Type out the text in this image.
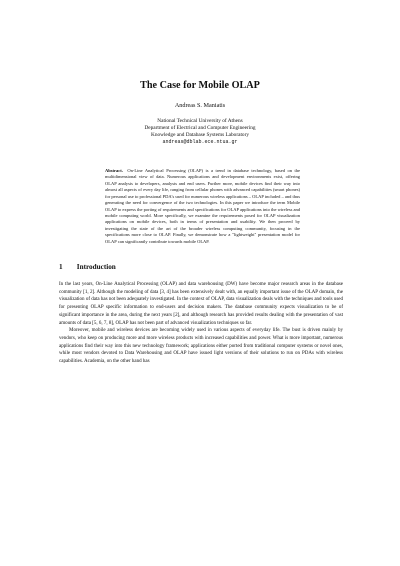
The Case for Mobile OLAP
Andreas S. Maniatis
National Technical University of Athens
Department of Electrical and Computer Engineering
Knowledge and Database Systems Laboratory
andreas@dblab.ece.ntua.gr
Abstract. On-Line Analytical Processing (OLAP) is a trend in database technology, based on the multidimensional view of data. Numerous applications and development environments exist, offering OLAP analysis to developers, analysts and end users. Further more, mobile devices find their way into almost all aspects of every day life, ranging from cellular phones with advanced capabilities (smart phones) for personal use to professional PDA's used for numerous wireless applications – OLAP included – and thus generating the need for convergence of the two technologies. In this paper we introduce the term Mobile OLAP to express the porting of requirements and specifications for OLAP applications into the wireless and mobile computing world. More specifically, we examine the requirements posed for OLAP visualization applications on mobile devices, both in terms of presentation and usability. We then proceed by investigating the state of the art of the broader wireless computing community, focusing in the specifications more close to OLAP. Finally, we demonstrate how a "lightweight" presentation model for OLAP can significantly contribute towards mobile OLAP.
1 Introduction

In the last years, On-Line Analytical Processing (OLAP) and data warehousing (DW) have become major research areas in the database community [1, 2]. Although the modeling of data [3, 4] has been extensively dealt with, an equally important issue of the OLAP domain, the visualization of data has not been adequately investigated. In the context of OLAP, data visualization deals with the techniques and tools used for presenting OLAP specific information to end-users and decision makers. The database community expects visualization to be of significant importance in the area, during the next years [2], and although research has provided results dealing with the presentation of vast amounts of data [5, 6, 7, 8], OLAP has not been part of advanced visualization techniques so far.

Moreover, mobile and wireless devices are becoming widely used in various aspects of everyday life. The bust is driven mainly by vendors, who keep on producing more and more wireless products with increased capabilities and power. What is more important, numerous applications find their way into this new technology framework; applications either ported from traditional computer systems or novel ones, while most vendors devoted to Data Warehousing and OLAP have issued light versions of their solutions to run on PDAs with wireless capabilities. Academia, on the other hand has
